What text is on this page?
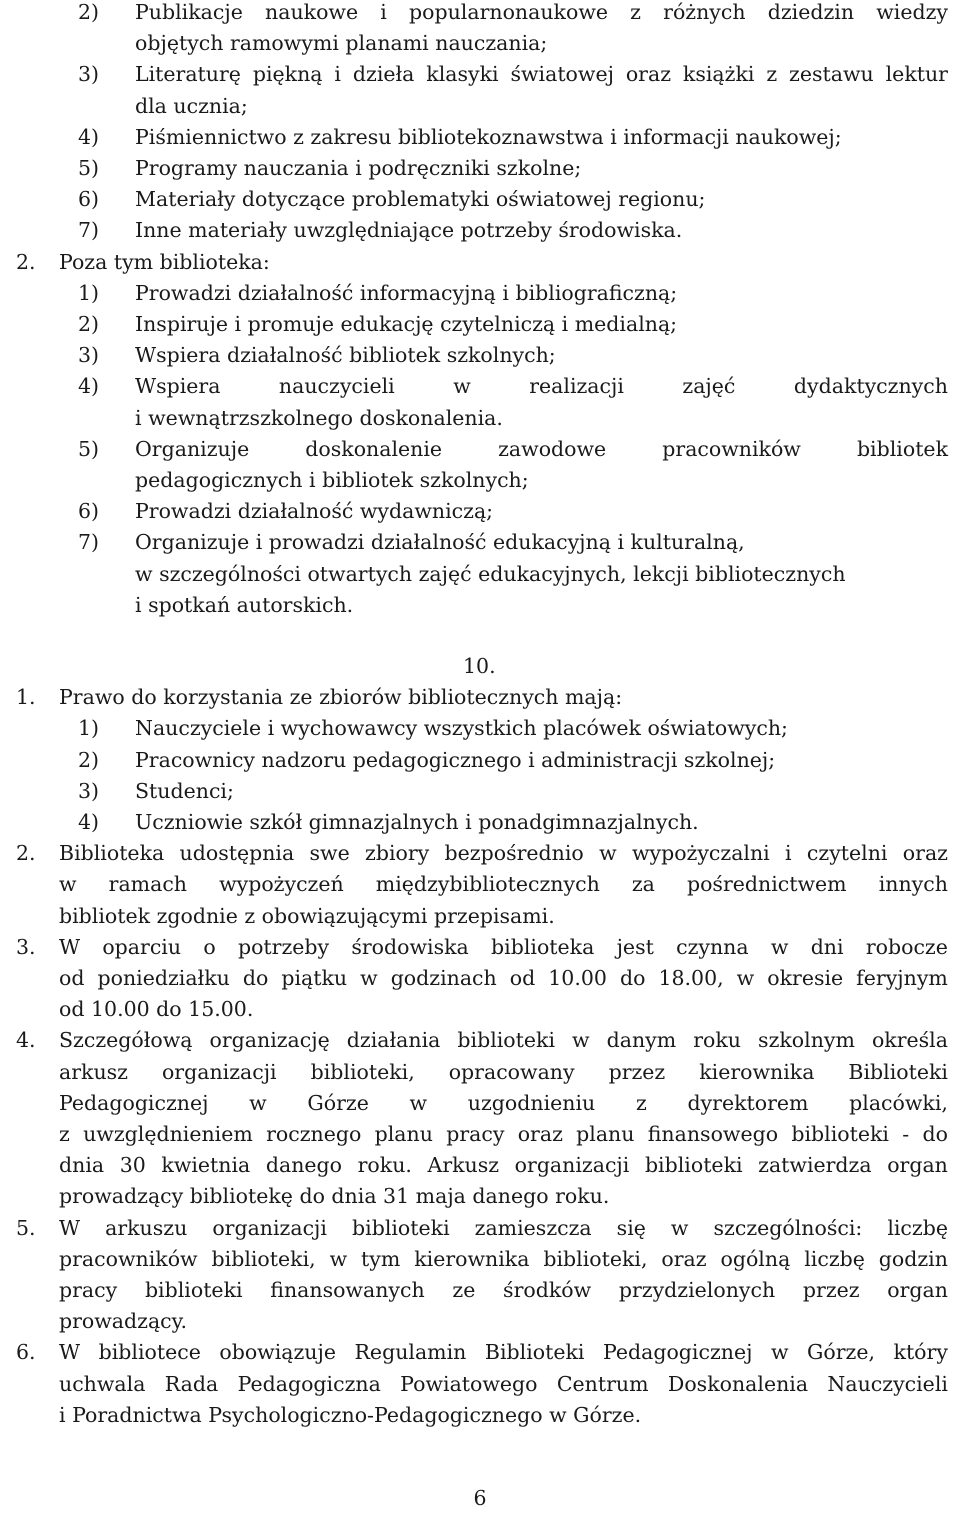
2) Publikacje naukowe i popularnonaukowe z różnych dziedzin wiedzy
objętych ramowymi planami nauczania;
3) Literaturę piękną i dzieła klasyki światowej oraz książki z zestawu lektur
dla ucznia;
4) Piśmiennictwo z zakresu bibliotekoznawstwa i informacji naukowej;
5) Programy nauczania i podręczniki szkolne;
6) Materiały dotyczące problematyki oświatowej regionu;
7) Inne materiały uwzględniające potrzeby środowiska.
2. Poza tym biblioteka:
1) Prowadzi działalność informacyjną i bibliograficzną;
2) Inspiruje i promuje edukację czytelniczą i medialną;
3) Wspiera działalność bibliotek szkolnych;
4) Wspiera	nauczycieli	w	realizacji	zajęć	dydaktycznych
i wewnątrzszkolnego doskonalenia.
5) Organizuje	doskonalenie	zawodowe	pracowników	bibliotek
pedagogicznych i bibliotek szkolnych;
6) Prowadzi działalność wydawniczą;
7) Organizuje i prowadzi działalność edukacyjną i kulturalną,
w szczególności otwartych zajęć edukacyjnych, lekcji bibliotecznych
i spotkań autorskich.
10.
1. Prawo do korzystania ze zbiorów bibliotecznych mają:
1) Nauczyciele i wychowawcy wszystkich placówek oświatowych;
2) Pracownicy nadzoru pedagogicznego i administracji szkolnej;
3) Studenci;
4) Uczniowie szkół gimnazjalnych i ponadgimnazjalnych.
2. Biblioteka udostępnia swe zbiory bezpośrednio w wypożyczalni i czytelni oraz
w ramach wypożyczeń międzybibliotecznych za pośrednictwem innych
bibliotek zgodnie z obowiązującymi przepisami.
3. W oparciu o potrzeby środowiska biblioteka jest czynna w dni robocze
od poniedziałku do piątku w godzinach od 10.00 do 18.00, w okresie feryjnym
od 10.00 do 15.00.
4. Szczegółową organizację działania biblioteki w danym roku szkolnym określa
arkusz organizacji biblioteki, opracowany przez kierownika Biblioteki
Pedagogicznej w Górze w uzgodnieniu z dyrektorem placówki,
z uwzględnieniem rocznego planu pracy oraz planu finansowego biblioteki - do
dnia 30 kwietnia danego roku. Arkusz organizacji biblioteki zatwierdza organ
prowadzący bibliotekę do dnia 31 maja danego roku.
5. W arkuszu organizacji biblioteki zamieszcza się w szczególności: liczbę
pracowników biblioteki, w tym kierownika biblioteki, oraz ogólną liczbę godzin
pracy biblioteki finansowanych ze środków przydzielonych przez organ
prowadzący.
6. W bibliotece obowiązuje Regulamin Biblioteki Pedagogicznej w Górze, który
uchwala Rada Pedagogiczna Powiatowego Centrum Doskonalenia Nauczycieli
i Poradnictwa Psychologiczno-Pedagogicznego w Górze.
6
